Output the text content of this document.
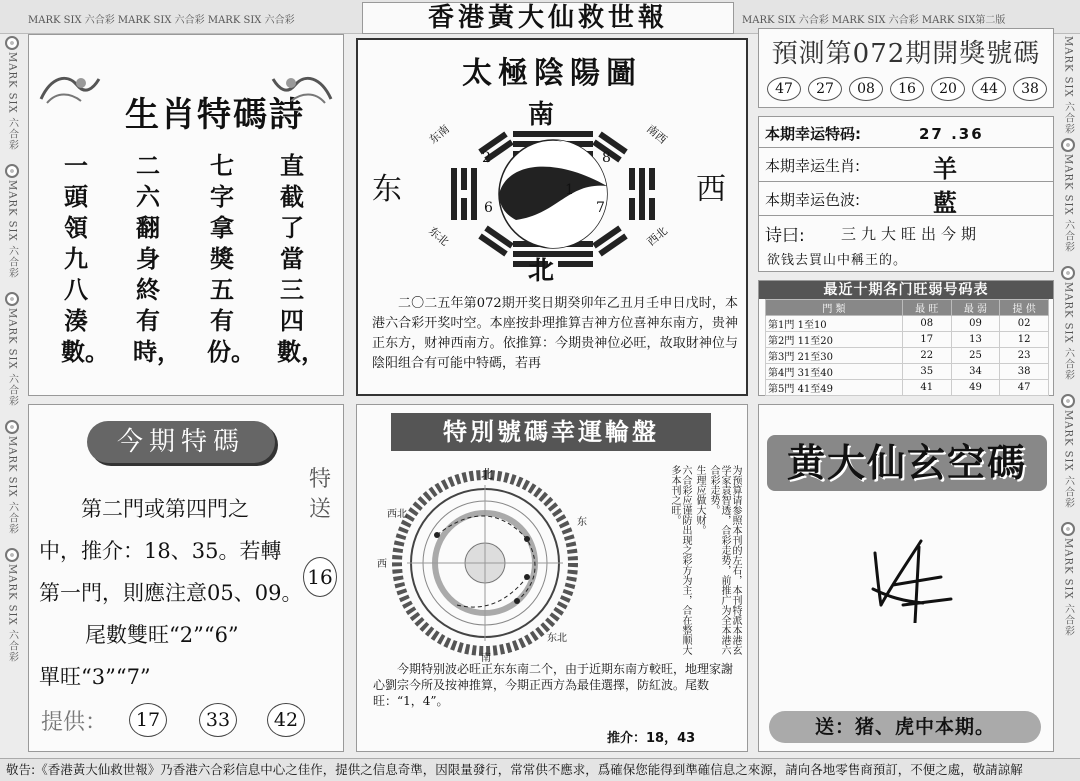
MARK SIX 六合彩 MARK SIX 六合彩 MARK SIX 六合彩	MARK SIX 六合彩 MARK SIX 六合彩 MARK SIX第二版
香港黃大仙救世報
MARK SIX 六合彩
MARK SIX 六合彩
MARK SIX 六合彩
MARK SIX 六合彩
MARK SIX 六合彩
MARK SIX 六合彩
MARK SIX 六合彩
MARK SIX 六合彩
MARK SIX 六合彩
MARK SIX 六合彩
生肖特碼詩
直截了當三四數，
七字拿獎五有份。
二六翻身終有時，
一頭領九八湊數。
太極陰陽圖
东	西
南
北
2	8
1
6	7
东南	南西
东北	西北
二〇二五年第072期开奖日期癸卯年乙丑月壬申日戊时，本港六合彩开奖吋空。本座按卦理推算吉神方位喜神东南方，贵神正东方，财神西南方。依推算：今期贵神位必旺，故取財神位与陰阳组合有可能中特碼，若再
預測第072期開獎號碼
47	27	08	16	20	44	38
本期幸运特码:	27 .36
本期幸运生肖:	羊
本期幸运色波:	藍
诗曰: 三九大旺出今期
欲钱去買山中稱王的。
最近十期各门旺弱号码表
門 類	最 旺	最 弱	提 供
第1門 1至10	08	09	02
第2門 11至20	17	13	12
第3門 21至30	22	25	23
第4門 31至40	35	34	38
第5門 41至49	41	49	47
今期特碼
第二門或第四門之
中，推介：18、35。若轉
第一門，則應注意05、09。
尾數雙旺“2”“6”
單旺“3”“7”
提供：	17	33	42
特送
16
特別號碼幸運輪盤
北
东
西
南
东北
西北	为预算请参照本刊的左右，本刊特派本港玄学家袁智透，合彩走势，前推广为全本港六合彩走势。
生理应做大财。
六合彩应谨防出现之彩方为主，合在整顺大多本刊之旺。
今期特别波必旺正东东南二个，由于近期东南方較旺，地理家謝心劉宗今所及按神推算，今期正西方為最佳選擇，防紅波。尾数旺：“1，4”。
推介：18，43
黄大仙玄空碼
送：猪、虎中本期。
敬告:《香港黃大仙救世報》乃香港六合彩信息中心之佳作，提供之信息奇準，因限量發行，常常供不應求，爲確保您能得到準確信息之來源，請向各地零售商預訂，不便之處，敬請諒解
